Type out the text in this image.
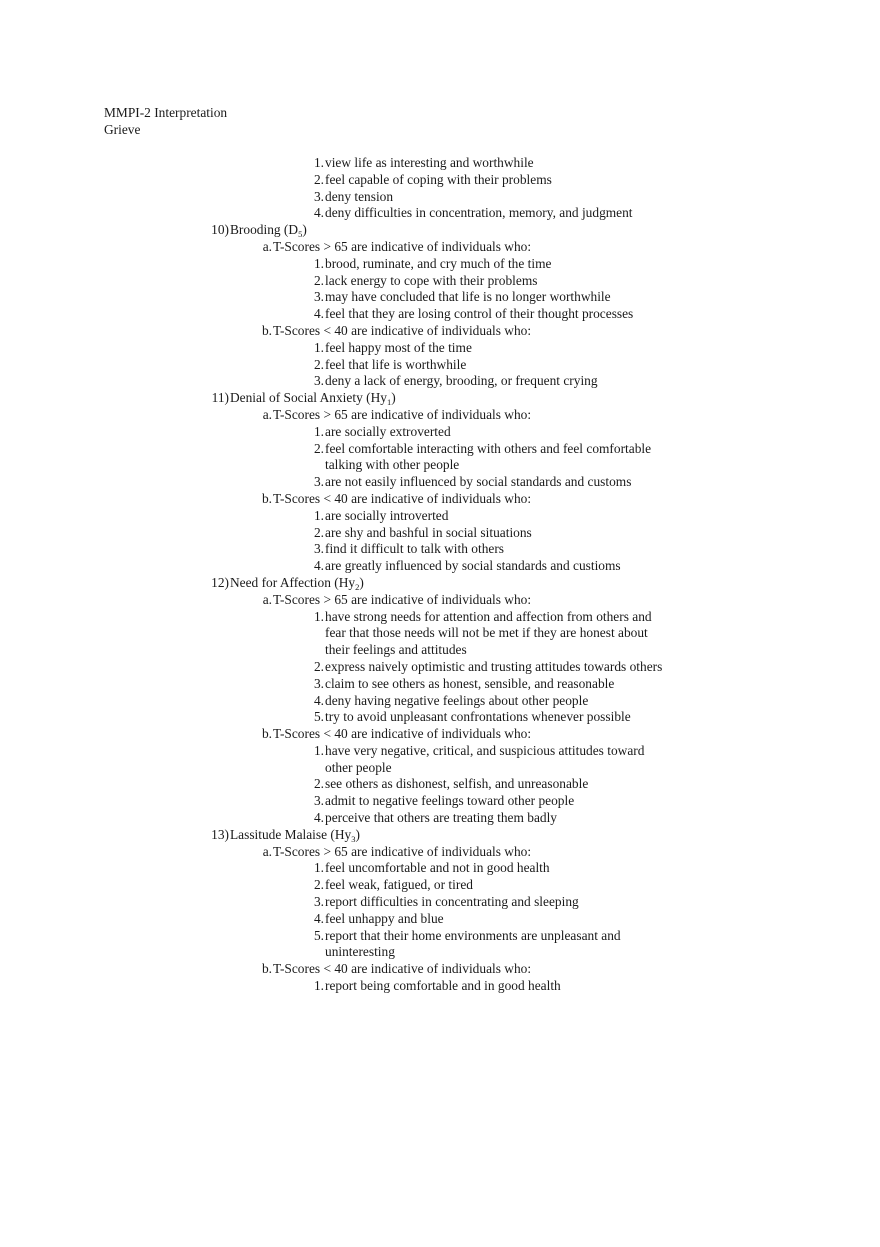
MMPI-2 Interpretation
Grieve
1. view life as interesting and worthwhile
2. feel capable of coping with their problems
3. deny tension
4. deny difficulties in concentration, memory, and judgment
10) Brooding $(D_5)$
a. T-Scores > 65 are indicative of individuals who:
1. brood, ruminate, and cry much of the time
2. lack energy to cope with their problems
3. may have concluded that life is no longer worthwhile
4. feel that they are losing control of their thought processes
b. T-Scores < 40 are indicative of individuals who:
1. feel happy most of the time
2. feel that life is worthwhile
3. deny a lack of energy, brooding, or frequent crying
11) Denial of Social Anxiety $(Hy_1)$
a. T-Scores > 65 are indicative of individuals who:
1. are socially extroverted
2. feel comfortable interacting with others and feel comfortable
talking with other people
3. are not easily influenced by social standards and customs
b. T-Scores < 40 are indicative of individuals who:
1. are socially introverted
2. are shy and bashful in social situations
3. find it difficult to talk with others
4. are greatly influenced by social standards and custioms
12) Need for Affection $(Hy_2)$
a. T-Scores > 65 are indicative of individuals who:
1. have strong needs for attention and affection from others and
fear that those needs will not be met if they are honest about
their feelings and attitudes
2. express naively optimistic and trusting attitudes towards others
3. claim to see others as honest, sensible, and reasonable
4. deny having negative feelings about other people
5. try to avoid unpleasant confrontations whenever possible
b. T-Scores < 40 are indicative of individuals who:
1. have very negative, critical, and suspicious attitudes toward
other people
2. see others as dishonest, selfish, and unreasonable
3. admit to negative feelings toward other people
4. perceive that others are treating them badly
13) Lassitude Malaise $(Hy_3)$
a. T-Scores > 65 are indicative of individuals who:
1. feel uncomfortable and not in good health
2. feel weak, fatigued, or tired
3. report difficulties in concentrating and sleeping
4. feel unhappy and blue
5. report that their home environments are unpleasant and
uninteresting
b. T-Scores < 40 are indicative of individuals who:
1. report being comfortable and in good health
